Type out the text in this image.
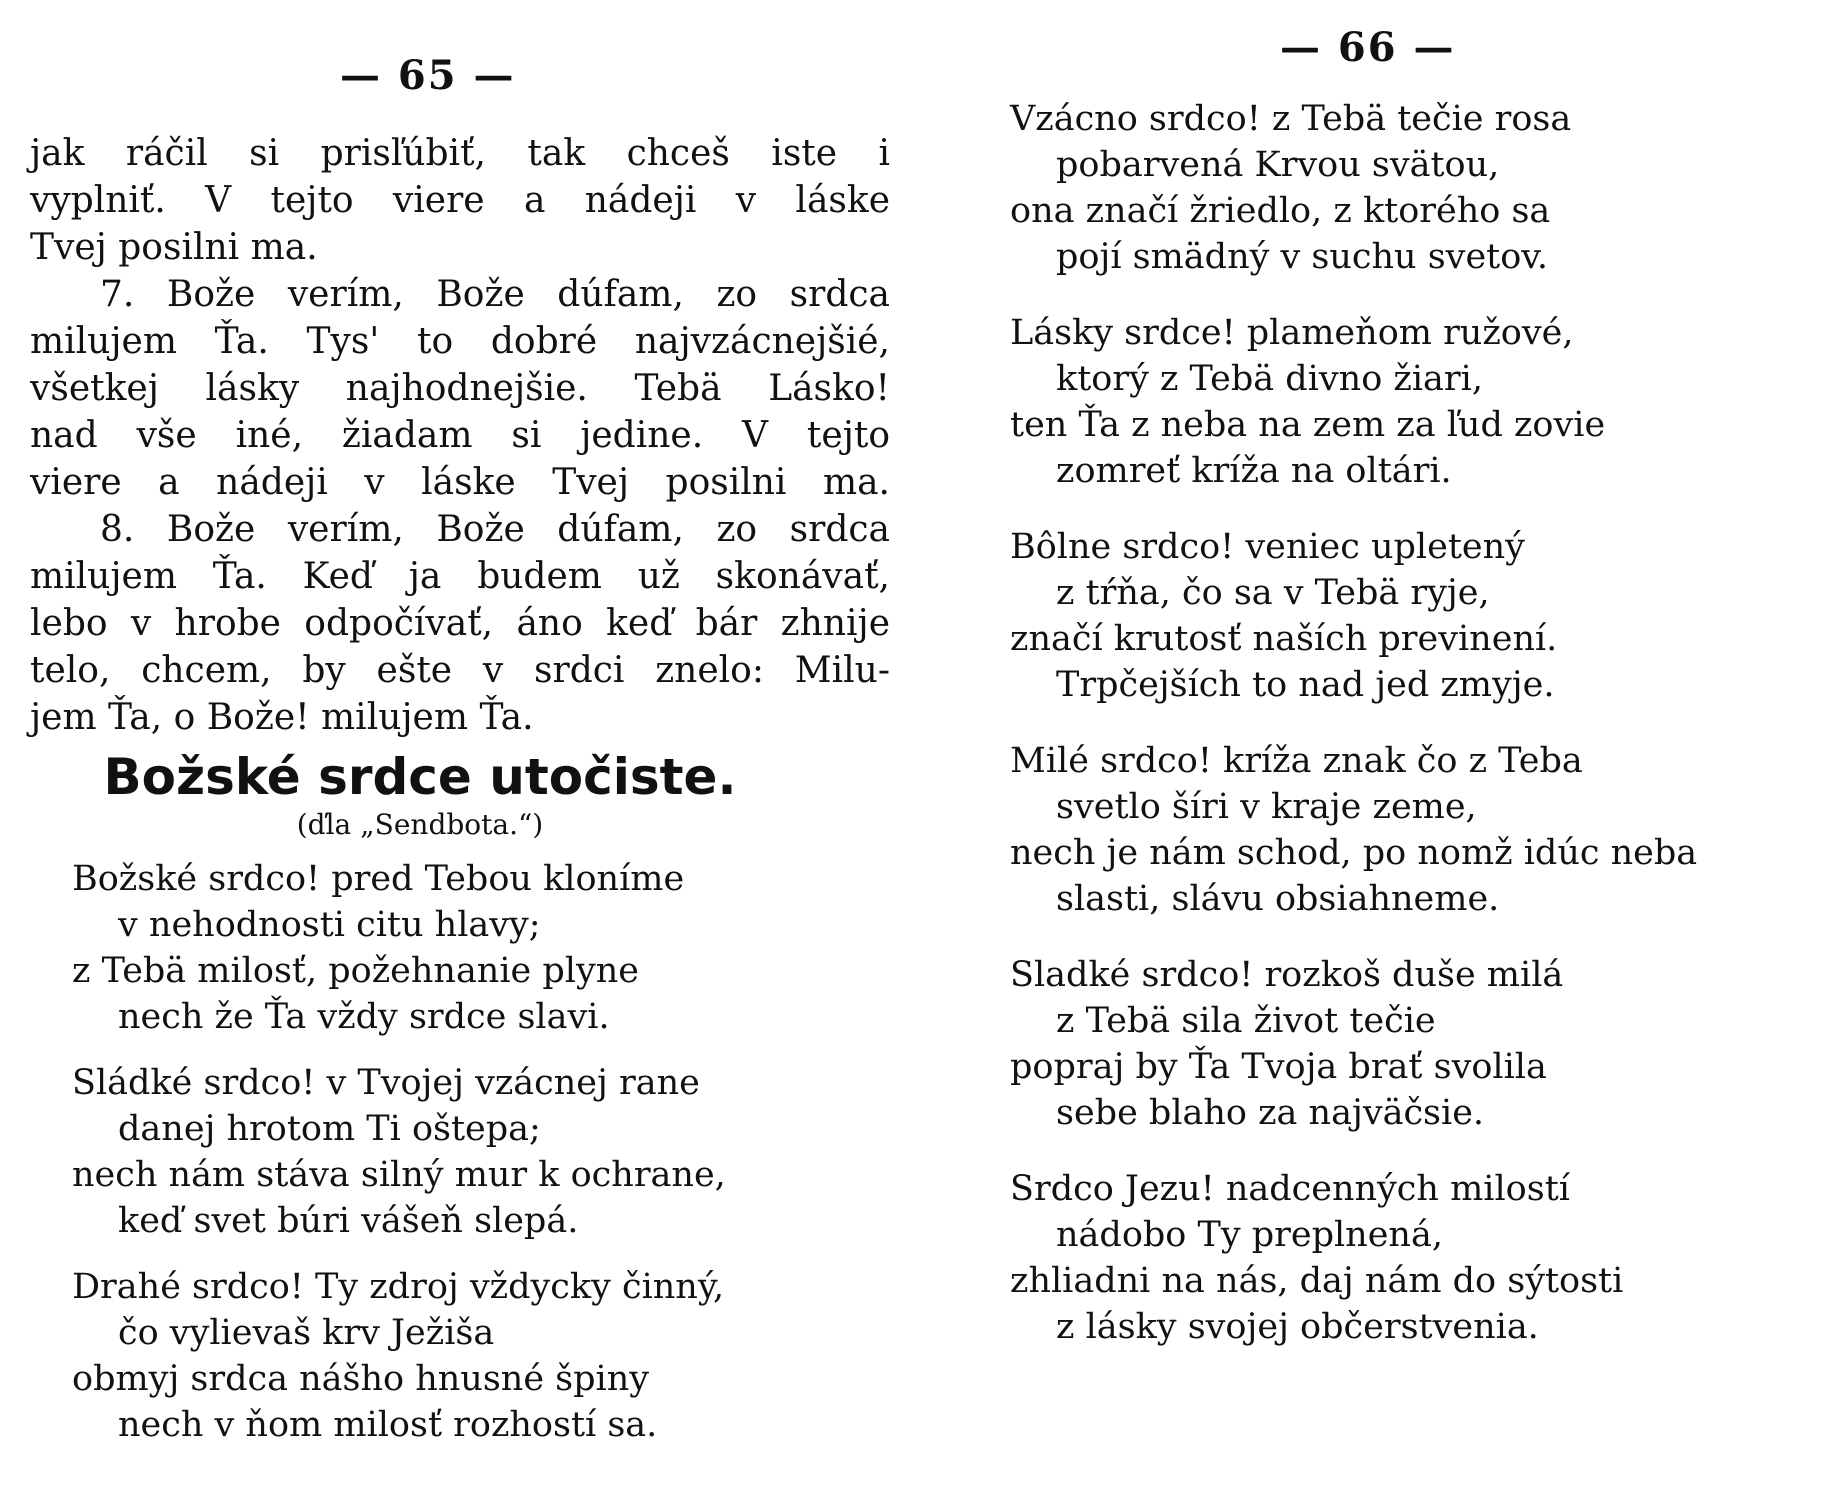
— 65 —
jak ráčil si prisľúbiť, tak chceš iste i
vyplniť. V tejto viere a nádeji v láske
Tvej posilni ma.
7. Bože verím, Bože dúfam, zo srdca
milujem Ťa. Tys' to dobré najvzácnejšié,
všetkej lásky najhodnejšie. Tebä Lásko!
nad vše iné, žiadam si jedine. V tejto
viere a nádeji v láske Tvej posilni ma.
8. Bože verím, Bože dúfam, zo srdca
milujem Ťa. Keď ja budem už skonávať,
lebo v hrobe odpočívať, áno keď bár zhnije
telo, chcem, by ešte v srdci znelo: Milu-
jem Ťa, o Bože! milujem Ťa.
Božské srdce utočiste.
(ďla „Sendbota.“)
Božské srdco! pred Tebou kloníme
v nehodnosti citu hlavy;
z Tebä milosť, požehnanie plyne
nech že Ťa vždy srdce slavi.
Sládké srdco! v Tvojej vzácnej rane
danej hrotom Ti oštepa;
nech nám stáva silný mur k ochrane,
keď svet búri vášeň slepá.
Drahé srdco! Ty zdroj vždycky činný,
čo vylievaš krv Ježiša
obmyj srdca nášho hnusné špiny
nech v ňom milosť rozhostí sa.
— 66 —
Vzácno srdco! z Tebä tečie rosa
pobarvená Krvou svätou,
ona značí žriedlo, z ktorého sa
pojí smädný v suchu svetov.
Lásky srdce! plameňom ružové,
ktorý z Tebä divno žiari,
ten Ťa z neba na zem za ľud zovie
zomreť kríža na oltári.
Bôlne srdco! veniec upletený
z tŕňa, čo sa v Tebä ryje,
značí krutosť naších previnení.
Trpčejších to nad jed zmyje.
Milé srdco! kríža znak čo z Teba
svetlo šíri v kraje zeme,
nech je nám schod, po nomž idúc neba
slasti, slávu obsiahneme.
Sladké srdco! rozkoš duše milá
z Tebä sila život tečie
popraj by Ťa Tvoja brať svolila
sebe blaho za najväčsie.
Srdco Jezu! nadcenných milostí
nádobo Ty preplnená,
zhliadni na nás, daj nám do sýtosti
z lásky svojej občerstvenia.
